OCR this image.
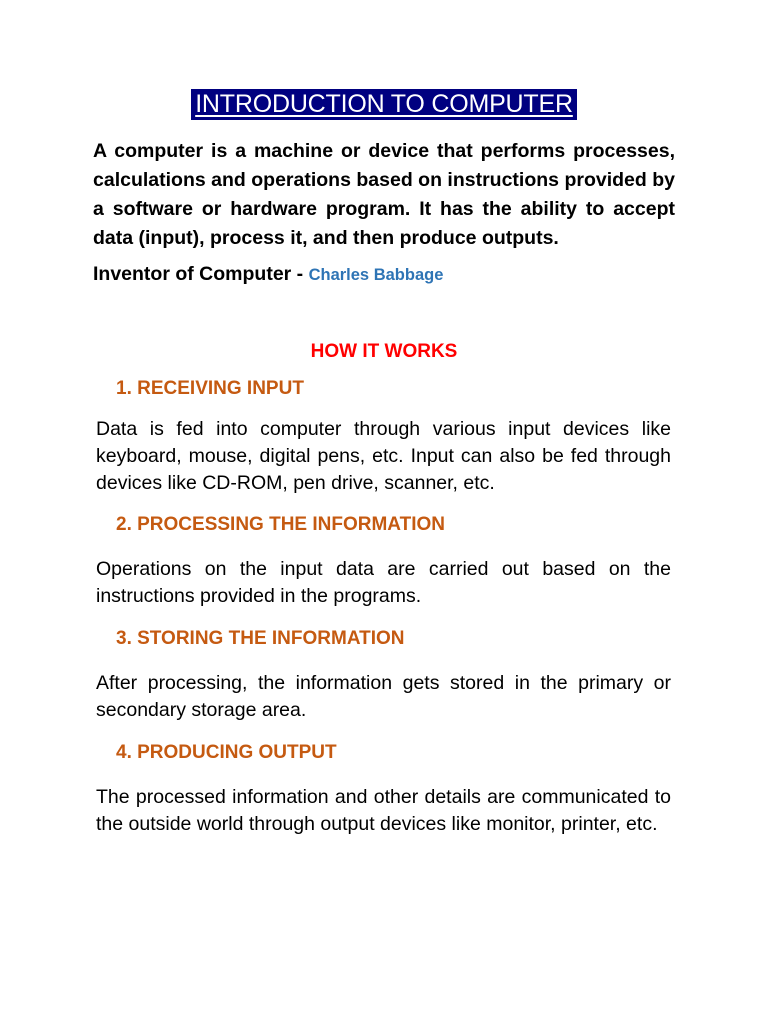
INTRODUCTION TO COMPUTER

A computer is a machine or device that performs processes, calculations and operations based on instructions provided by a software or hardware program. It has the ability to accept data (input), process it, and then produce outputs.

Inventor of Computer - Charles Babbage

HOW IT WORKS

1. RECEIVING INPUT

Data is fed into computer through various input devices like keyboard, mouse, digital pens, etc. Input can also be fed through devices like CD-ROM, pen drive, scanner, etc.

2. PROCESSING THE INFORMATION

Operations on the input data are carried out based on the instructions provided in the programs.

3. STORING THE INFORMATION

After processing, the information gets stored in the primary or secondary storage area.

4. PRODUCING OUTPUT

The processed information and other details are communicated to the outside world through output devices like monitor, printer, etc.
